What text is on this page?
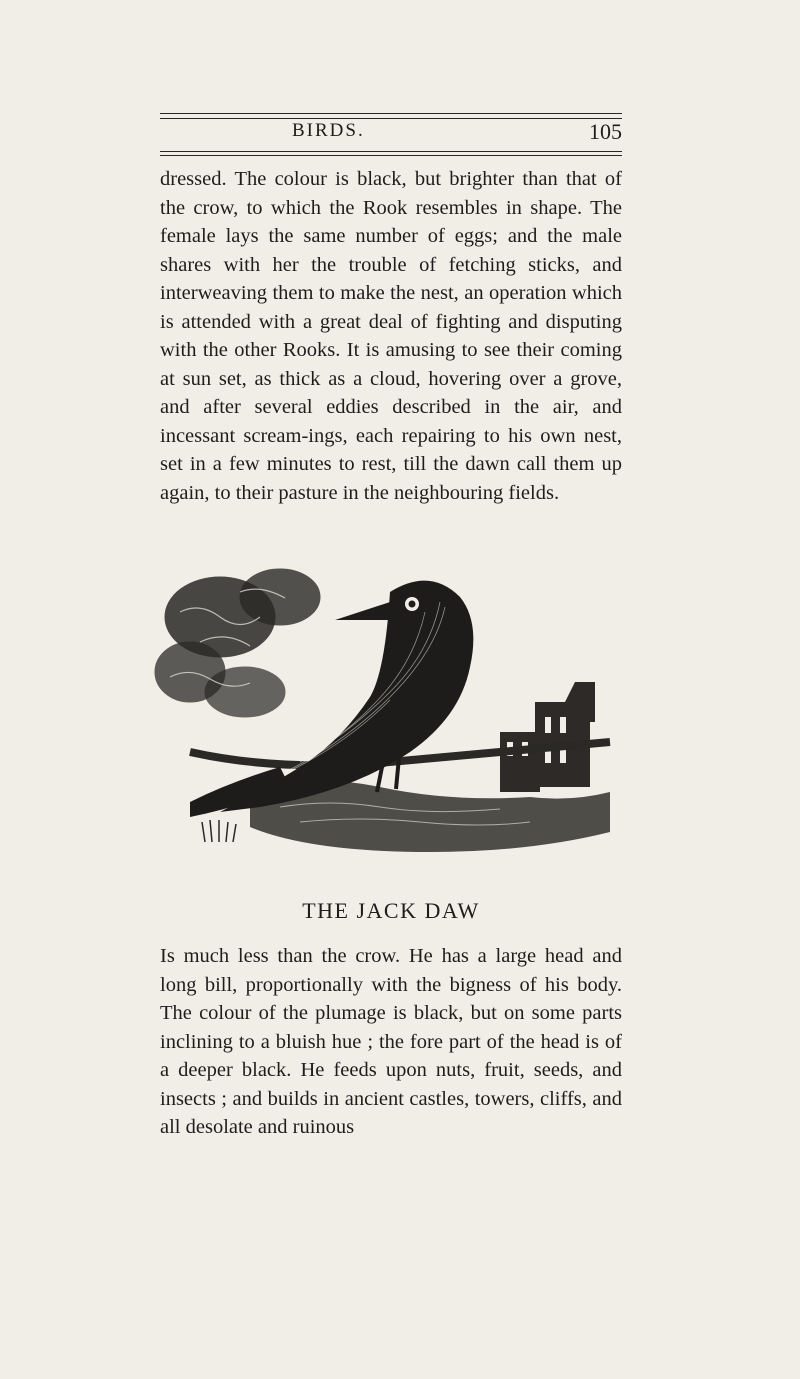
BIRDS.	105

dressed. The colour is black, but brighter than that of the crow, to which the Rook resembles in shape. The female lays the same number of eggs; and the male shares with her the trouble of fetching sticks, and interweaving them to make the nest, an operation which is attended with a great deal of fighting and disputing with the other Rooks. It is amusing to see their coming at sun set, as thick as a cloud, hovering over a grove, and after several eddies described in the air, and incessant scream-ings, each repairing to his own nest, set in a few minutes to rest, till the dawn call them up again, to their pasture in the neighbouring fields.

THE JACK DAW

Is much less than the crow. He has a large head and long bill, proportionally with the bigness of his body. The colour of the plumage is black, but on some parts inclining to a bluish hue ; the fore part of the head is of a deeper black. He feeds upon nuts, fruit, seeds, and insects ; and builds in ancient castles, towers, cliffs, and all desolate and ruinous
